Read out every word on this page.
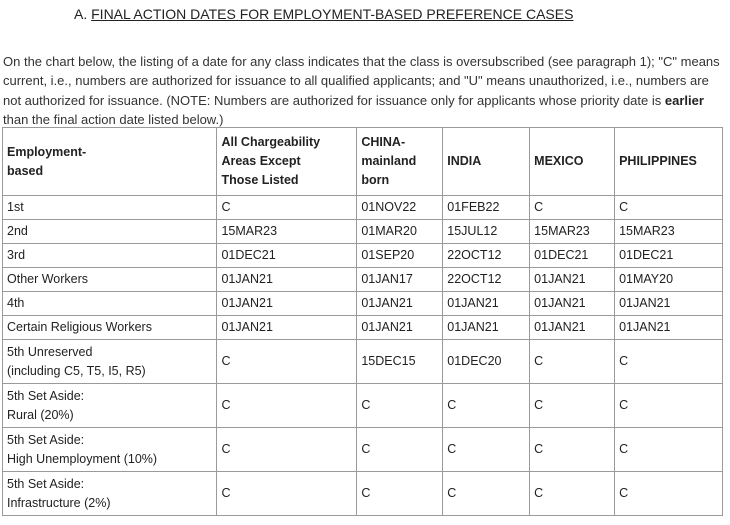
A. FINAL ACTION DATES FOR EMPLOYMENT-BASED PREFERENCE CASES

On the chart below, the listing of a date for any class indicates that the class is oversubscribed (see paragraph 1); "C" means current, i.e., numbers are authorized for issuance to all qualified applicants; and "U" means unauthorized, i.e., numbers are not authorized for issuance. (NOTE: Numbers are authorized for issuance only for applicants whose priority date is earlier than the final action date listed below.)

Employment-based	All Chargeability Areas Except Those Listed	CHINA-mainland born	INDIA	MEXICO	PHILIPPINES
1st	C	01NOV22	01FEB22	C	C
2nd	15MAR23	01MAR20	15JUL12	15MAR23	15MAR23
3rd	01DEC21	01SEP20	22OCT12	01DEC21	01DEC21
Other Workers	01JAN21	01JAN17	22OCT12	01JAN21	01MAY20
4th	01JAN21	01JAN21	01JAN21	01JAN21	01JAN21
Certain Religious Workers	01JAN21	01JAN21	01JAN21	01JAN21	01JAN21
5th Unreserved
(including C5, T5, I5, R5)	C	15DEC15	01DEC20	C	C
5th Set Aside:
Rural (20%)	C	C	C	C	C
5th Set Aside:
High Unemployment (10%)	C	C	C	C	C
5th Set Aside:
Infrastructure (2%)	C	C	C	C	C
